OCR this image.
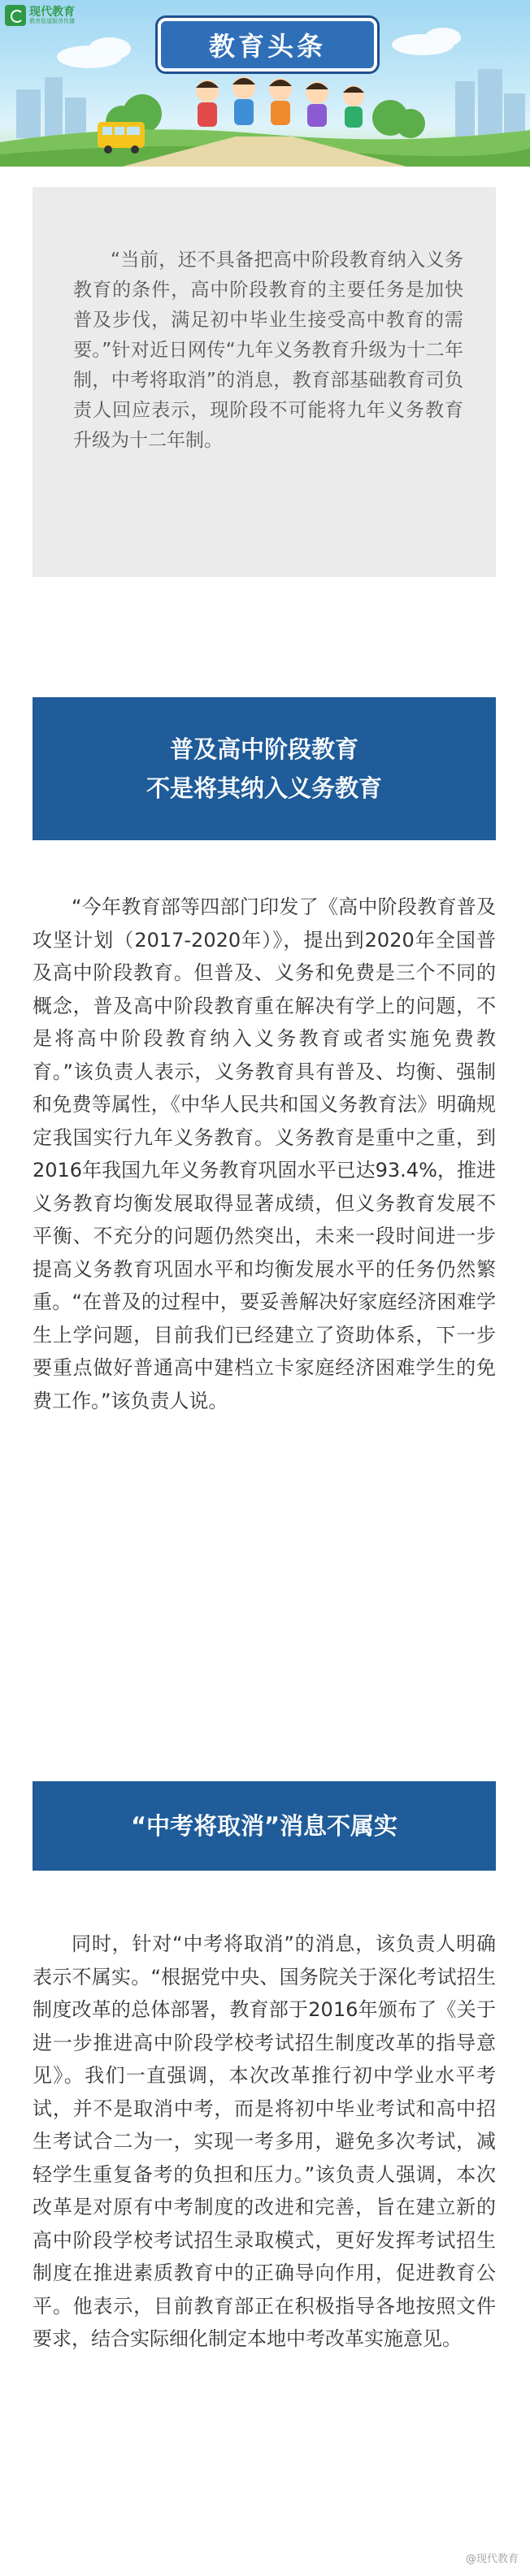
现代教育
教育报道服务传播
教育头条

“当前，还不具备把高中阶段教育纳入义务教育的条件，高中阶段教育的主要任务是加快普及步伐，满足初中毕业生接受高中教育的需要。”针对近日网传“九年义务教育升级为十二年制，中考将取消”的消息，教育部基础教育司负责人回应表示，现阶段不可能将九年义务教育升级为十二年制。

普及高中阶段教育
不是将其纳入义务教育

“今年教育部等四部门印发了《高中阶段教育普及攻坚计划（2017-2020年）》，提出到2020年全国普及高中阶段教育。但普及、义务和免费是三个不同的概念，普及高中阶段教育重在解决有学上的问题，不是将高中阶段教育纳入义务教育或者实施免费教育。”该负责人表示，义务教育具有普及、均衡、强制和免费等属性，《中华人民共和国义务教育法》明确规定我国实行九年义务教育。义务教育是重中之重，到2016年我国九年义务教育巩固水平已达93.4%，推进义务教育均衡发展取得显著成绩，但义务教育发展不平衡、不充分的问题仍然突出，未来一段时间进一步提高义务教育巩固水平和均衡发展水平的任务仍然繁重。“在普及的过程中，要妥善解决好家庭经济困难学生上学问题，目前我们已经建立了资助体系，下一步要重点做好普通高中建档立卡家庭经济困难学生的免费工作。”该负责人说。

“中考将取消”消息不属实

同时，针对“中考将取消”的消息，该负责人明确表示不属实。“根据党中央、国务院关于深化考试招生制度改革的总体部署，教育部于2016年颁布了《关于进一步推进高中阶段学校考试招生制度改革的指导意见》。我们一直强调，本次改革推行初中学业水平考试，并不是取消中考，而是将初中毕业考试和高中招生考试合二为一，实现一考多用，避免多次考试，减轻学生重复备考的负担和压力。”该负责人强调，本次改革是对原有中考制度的改进和完善，旨在建立新的高中阶段学校考试招生录取模式，更好发挥考试招生制度在推进素质教育中的正确导向作用，促进教育公平。他表示，目前教育部正在积极指导各地按照文件要求，结合实际细化制定本地中考改革实施意见。

@现代教育
